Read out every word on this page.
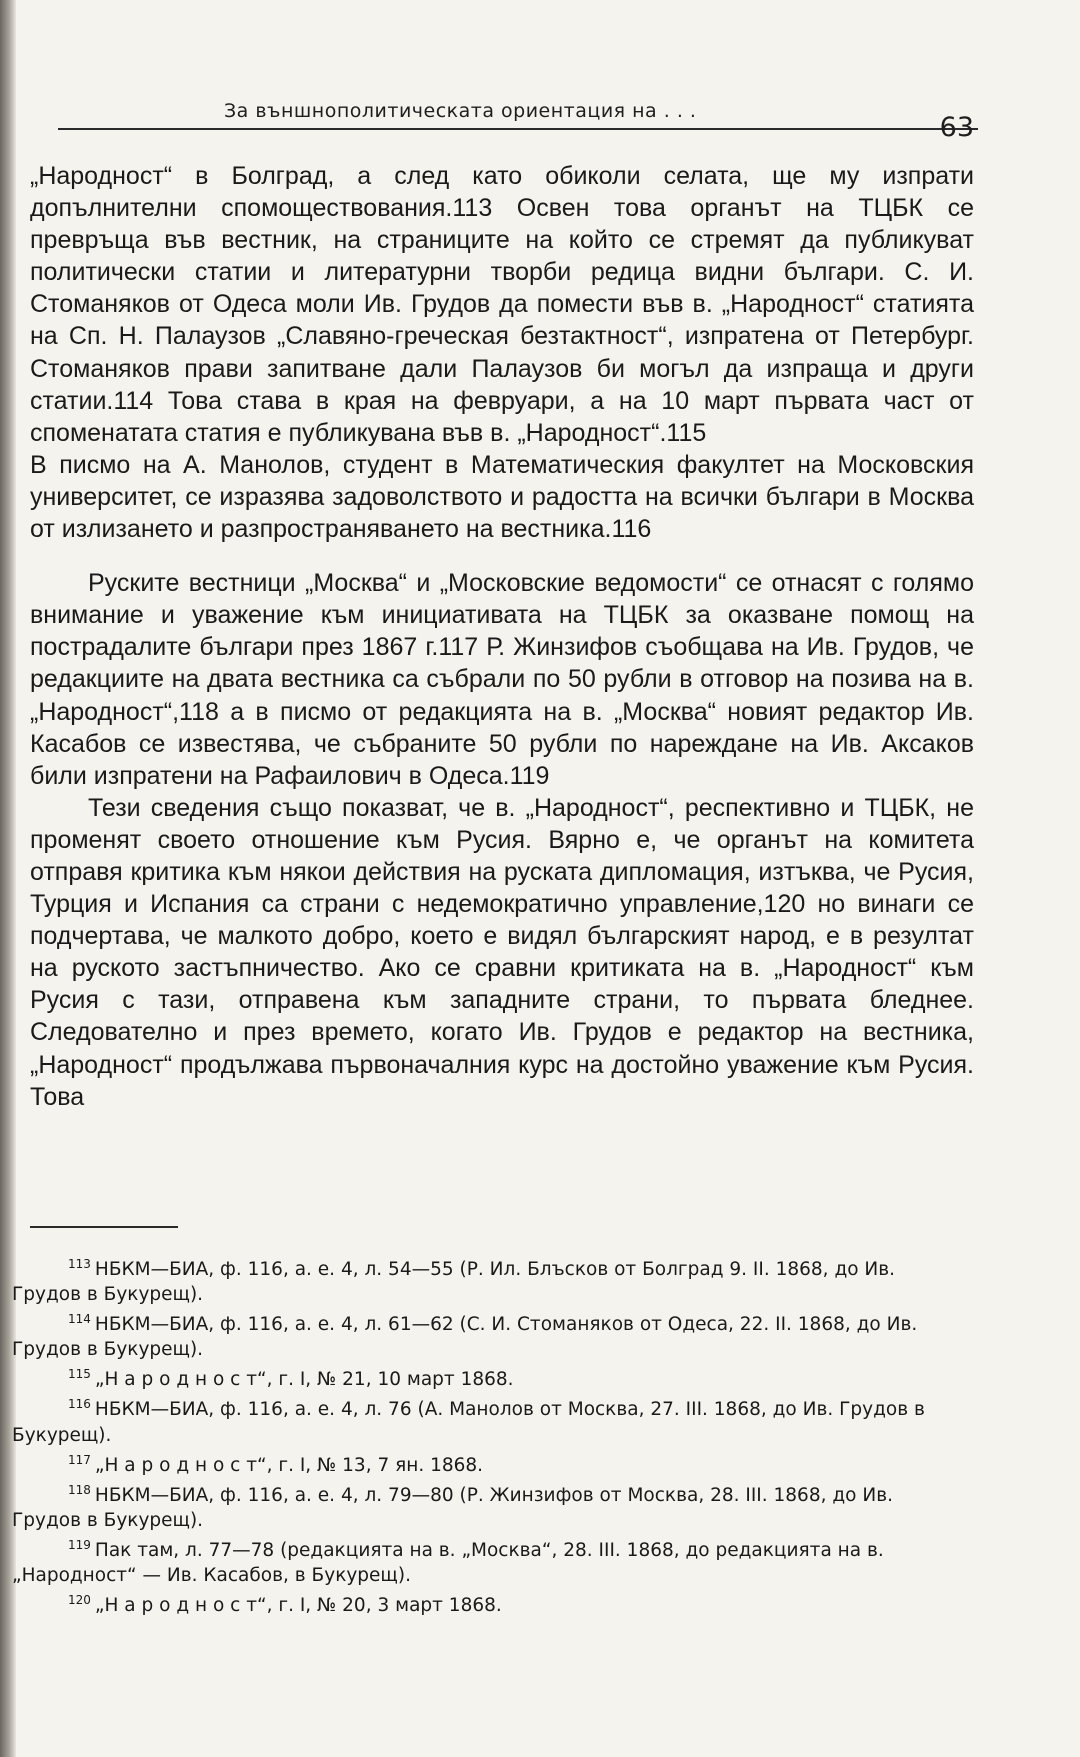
За външнополитическата ориентация на . . .
63

„Народност“ в Болград, а след като обиколи селата, ще му изпрати допълнителни спомоществования.113 Освен това органът на ТЦБК се превръща във вестник, на страниците на който се стремят да публикуват политически статии и литературни творби редица видни българи. С. И. Стоманяков от Одеса моли Ив. Грудов да помести във в. „Народност“ статията на Сп. Н. Палаузов „Славяно-греческая безтактност“, изпратена от Петербург. Стоманяков прави запитване дали Палаузов би могъл да изпраща и други статии.114 Това става в края на февруари, а на 10 март първата част от споменатата статия е публикувана във в. „Народност“.115

В писмо на А. Манолов, студент в Математическия факултет на Московския университет, се изразява задоволството и радостта на всички българи в Москва от излизането и разпространяването на вестника.116

Руските вестници „Москва“ и „Московские ведомости“ се отнасят с голямо внимание и уважение към инициативата на ТЦБК за оказване помощ на пострадалите българи през 1867 г.117 Р. Жинзифов съобщава на Ив. Грудов, че редакциите на двата вестника са събрали по 50 рубли в отговор на позива на в. „Народност“,118 а в писмо от редакцията на в. „Москва“ новият редактор Ив. Касабов се известява, че събраните 50 рубли по нареждане на Ив. Аксаков били изпратени на Рафаилович в Одеса.119

Тези сведения също показват, че в. „Народност“, респективно и ТЦБК, не променят своето отношение към Русия. Вярно е, че органът на комитета отправя критика към някои действия на руската дипломация, изтъква, че Русия, Турция и Испания са страни с недемократично управление,120 но винаги се подчертава, че малкото добро, което е видял българският народ, е в резултат на руското застъпничество. Ако се сравни критиката на в. „Народност“ към Русия с тази, отправена към западните страни, то първата бледнее. Следователно и през времето, когато Ив. Грудов е редактор на вестника, „Народност“ продължава първоначалния курс на достойно уважение към Русия. Това

$^{113}$ НБКМ—БИА, ф. 116, а. е. 4, л. 54—55 (Р. Ил. Блъсков от Болград 9. II. 1868, до Ив. Грудов в Букурещ).

$^{114}$ НБКМ—БИА, ф. 116, а. е. 4, л. 61—62 (С. И. Стоманяков от Одеса, 22. II. 1868, до Ив. Грудов в Букурещ).

$^{115}$ „Н а р о д н о с т“, г. I, № 21, 10 март 1868.

$^{116}$ НБКМ—БИА, ф. 116, а. е. 4, л. 76 (А. Манолов от Москва, 27. III. 1868, до Ив. Грудов в Букурещ).

$^{117}$ „Н а р о д н о с т“, г. I, № 13, 7 ян. 1868.

$^{118}$ НБКМ—БИА, ф. 116, а. е. 4, л. 79—80 (Р. Жинзифов от Москва, 28. III. 1868, до Ив. Грудов в Букурещ).

$^{119}$ Пак там, л. 77—78 (редакцията на в. „Москва“, 28. III. 1868, до редакцията на в. „Народност“ — Ив. Касабов, в Букурещ).

$^{120}$ „Н а р о д н о с т“, г. I, № 20, 3 март 1868.
